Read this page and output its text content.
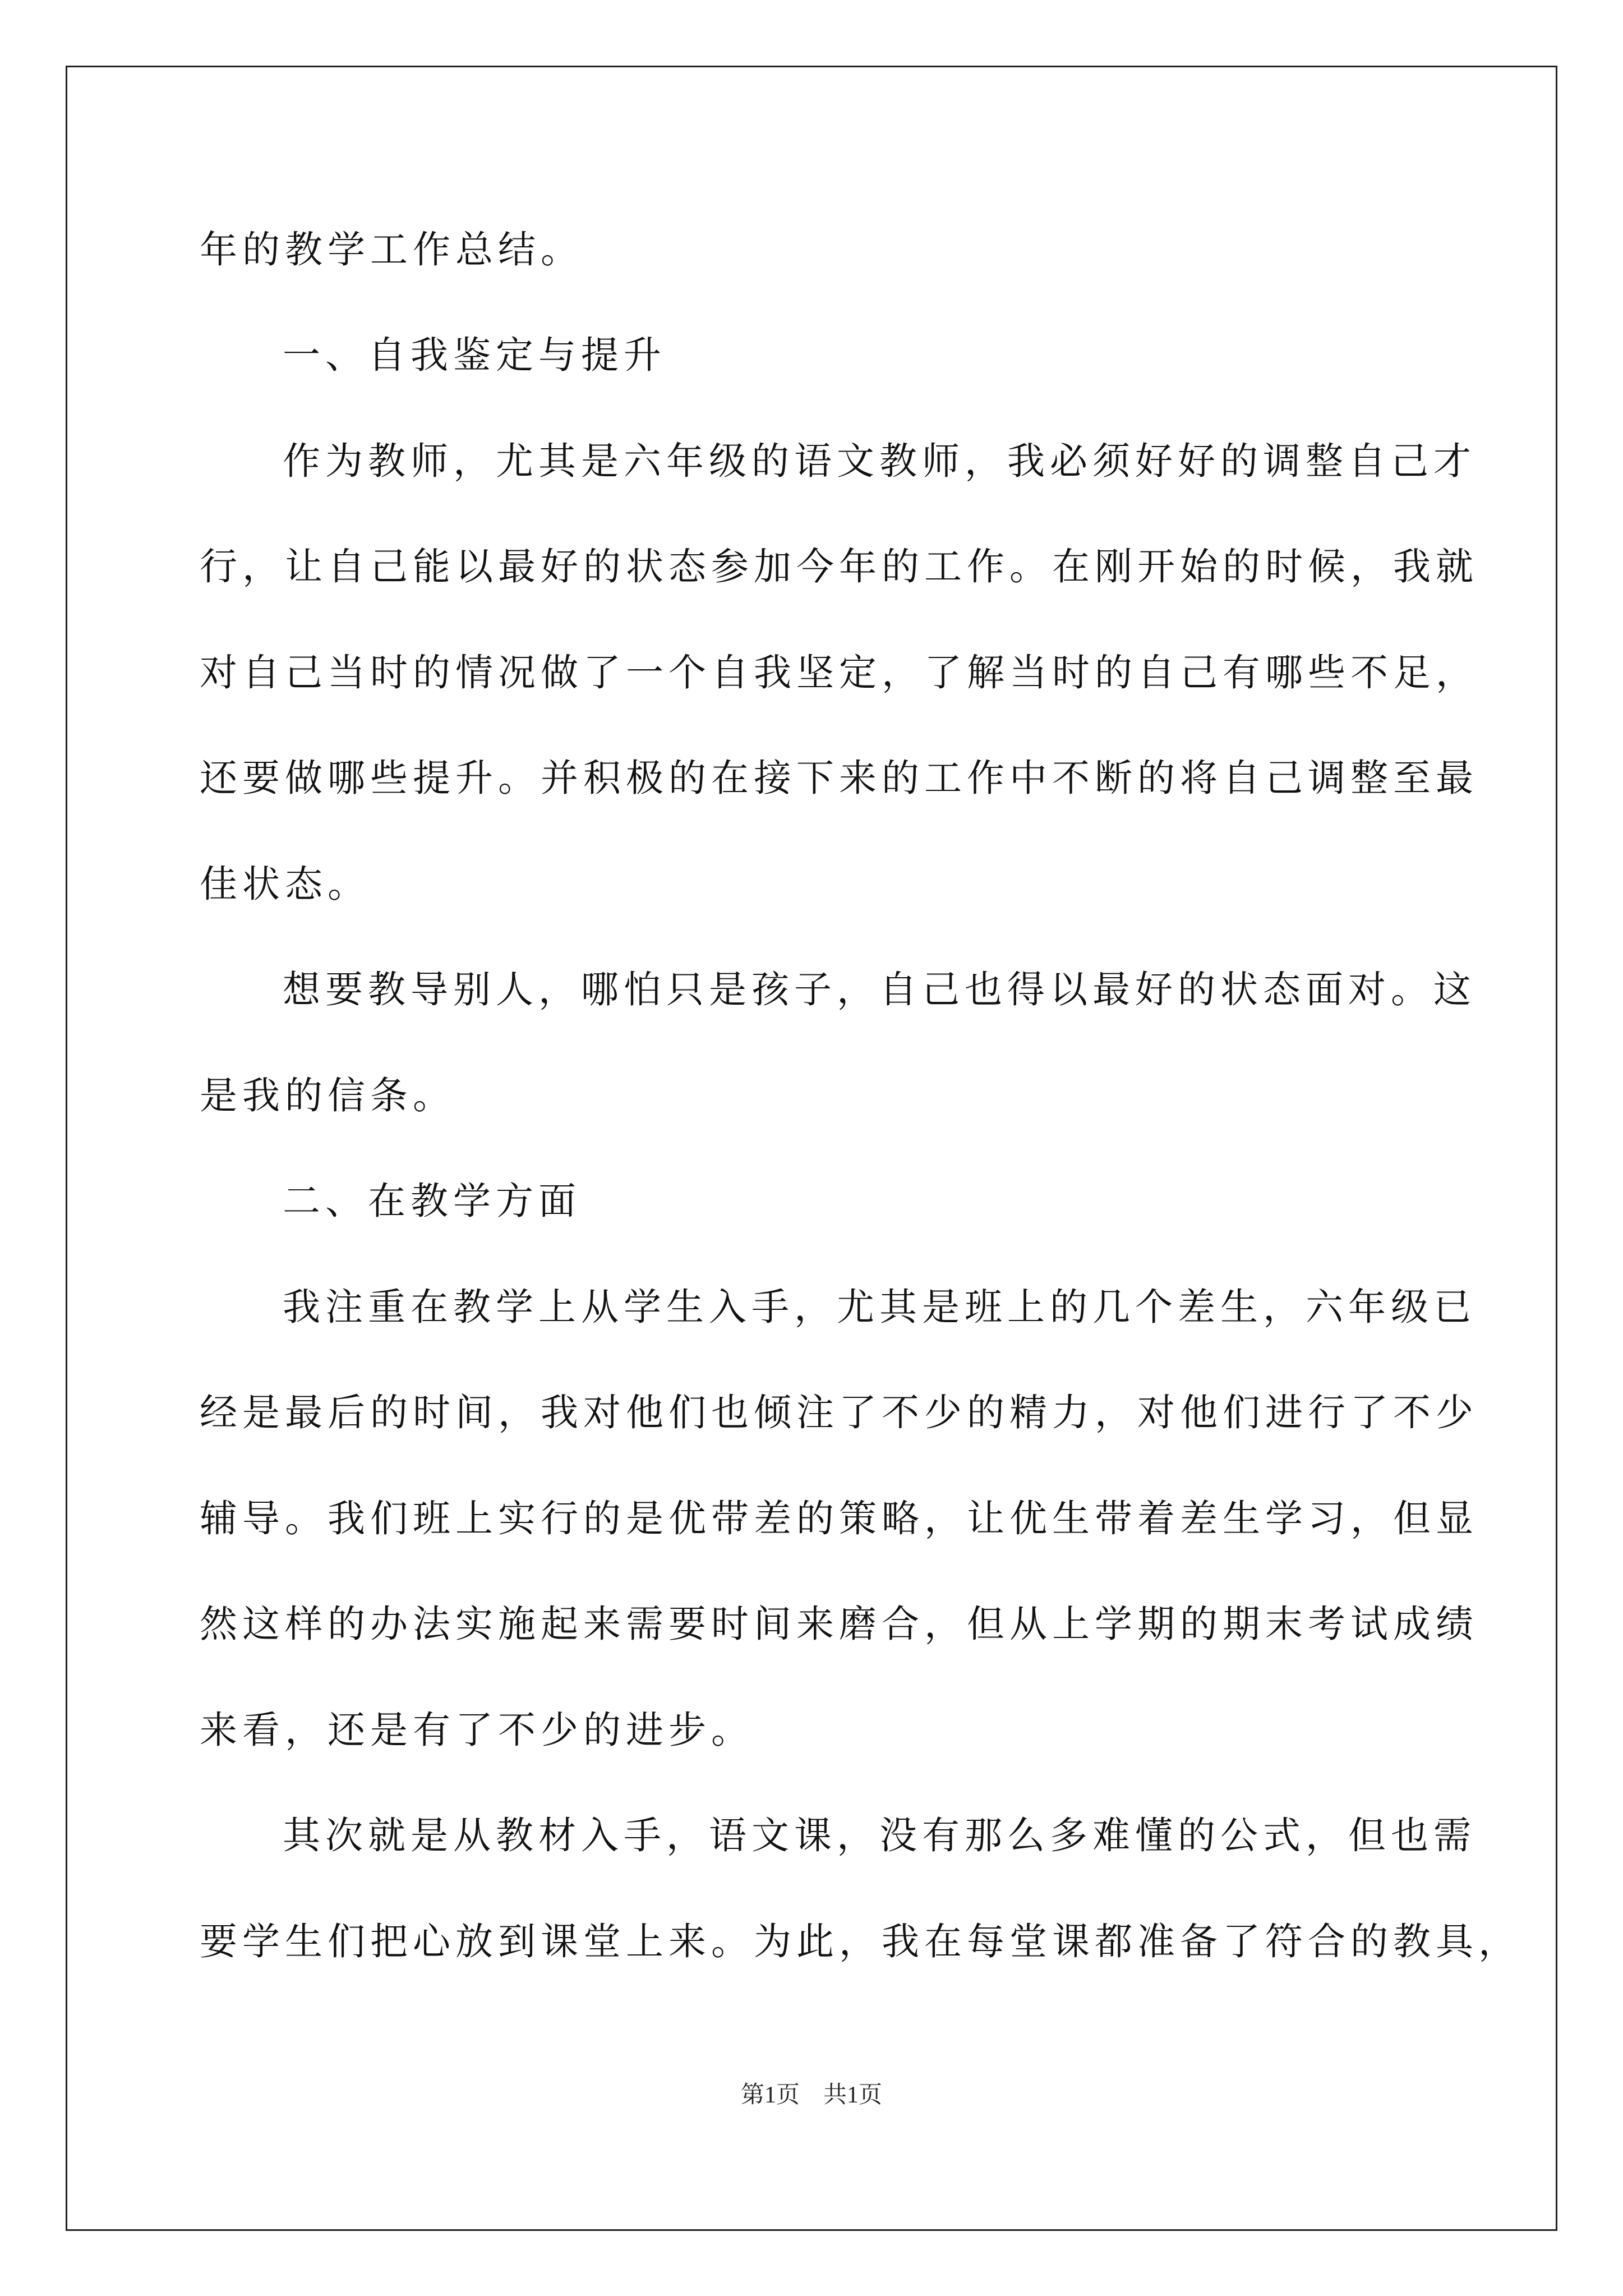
年的教学工作总结。
一、自我鉴定与提升
作为教师，尤其是六年级的语文教师，我必须好好的调整自己才
行，让自己能以最好的状态参加今年的工作。在刚开始的时候，我就
对自己当时的情况做了一个自我坚定，了解当时的自己有哪些不足，
还要做哪些提升。并积极的在接下来的工作中不断的将自己调整至最
佳状态。
想要教导别人，哪怕只是孩子，自己也得以最好的状态面对。这
是我的信条。
二、在教学方面
我注重在教学上从学生入手，尤其是班上的几个差生，六年级已
经是最后的时间，我对他们也倾注了不少的精力，对他们进行了不少
辅导。我们班上实行的是优带差的策略，让优生带着差生学习，但显
然这样的办法实施起来需要时间来磨合，但从上学期的期末考试成绩
来看，还是有了不少的进步。
其次就是从教材入手，语文课，没有那么多难懂的公式，但也需
要学生们把心放到课堂上来。为此，我在每堂课都准备了符合的教具，
第1页　共1页
